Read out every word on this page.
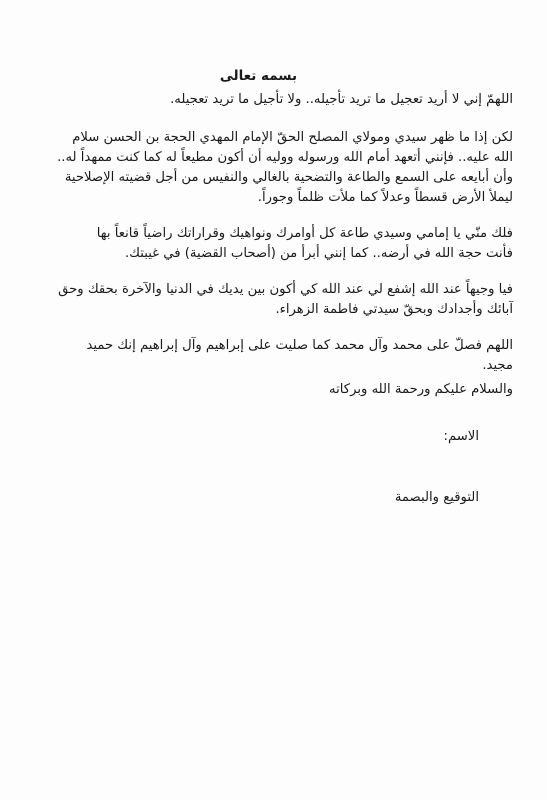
بسمه تعالى

اللهمّ إني لا أريد تعجيل ما تريد تأجيله.. ولا تأجيل ما تريد تعجيله.

لكن إذا ما ظهر سيدي ومولاي المصلح الحقّ الإمام المهدي الحجة بن الحسن سلام
الله عليه.. فإنني أتعهد أمام الله ورسوله ووليه أن أكون مطيعاً له كما كنت ممهداً له..
وأن أبايعه على السمع والطاعة والتضحية بالغالي والنفيس من أجل قضيته الإصلاحية
ليملأ الأرض قسطاً وعدلاً كما ملأت ظلماً وجوراً.

فلك منّي يا إمامي وسيدي طاعة كل أوامرك ونواهيك وقراراتك راضياً قانعاً بها
فأنت حجة الله في أرضه.. كما إنني أبرأ من (أصحاب القضية) في غيبتك.

فيا وجيهاً عند الله إشفع لي عند الله كي أكون بين يديك في الدنيا والآخرة بحقك وحق
آبائك وأجدادك وبحقّ سيدتي فاطمة الزهراء.

اللهم فصلّ على محمد وآل محمد كما صليت على إبراهيم وآل إبراهيم إنك حميد
مجيد.

والسلام عليكم ورحمة الله وبركاته

الاسم:
التوقيع والبصمة
